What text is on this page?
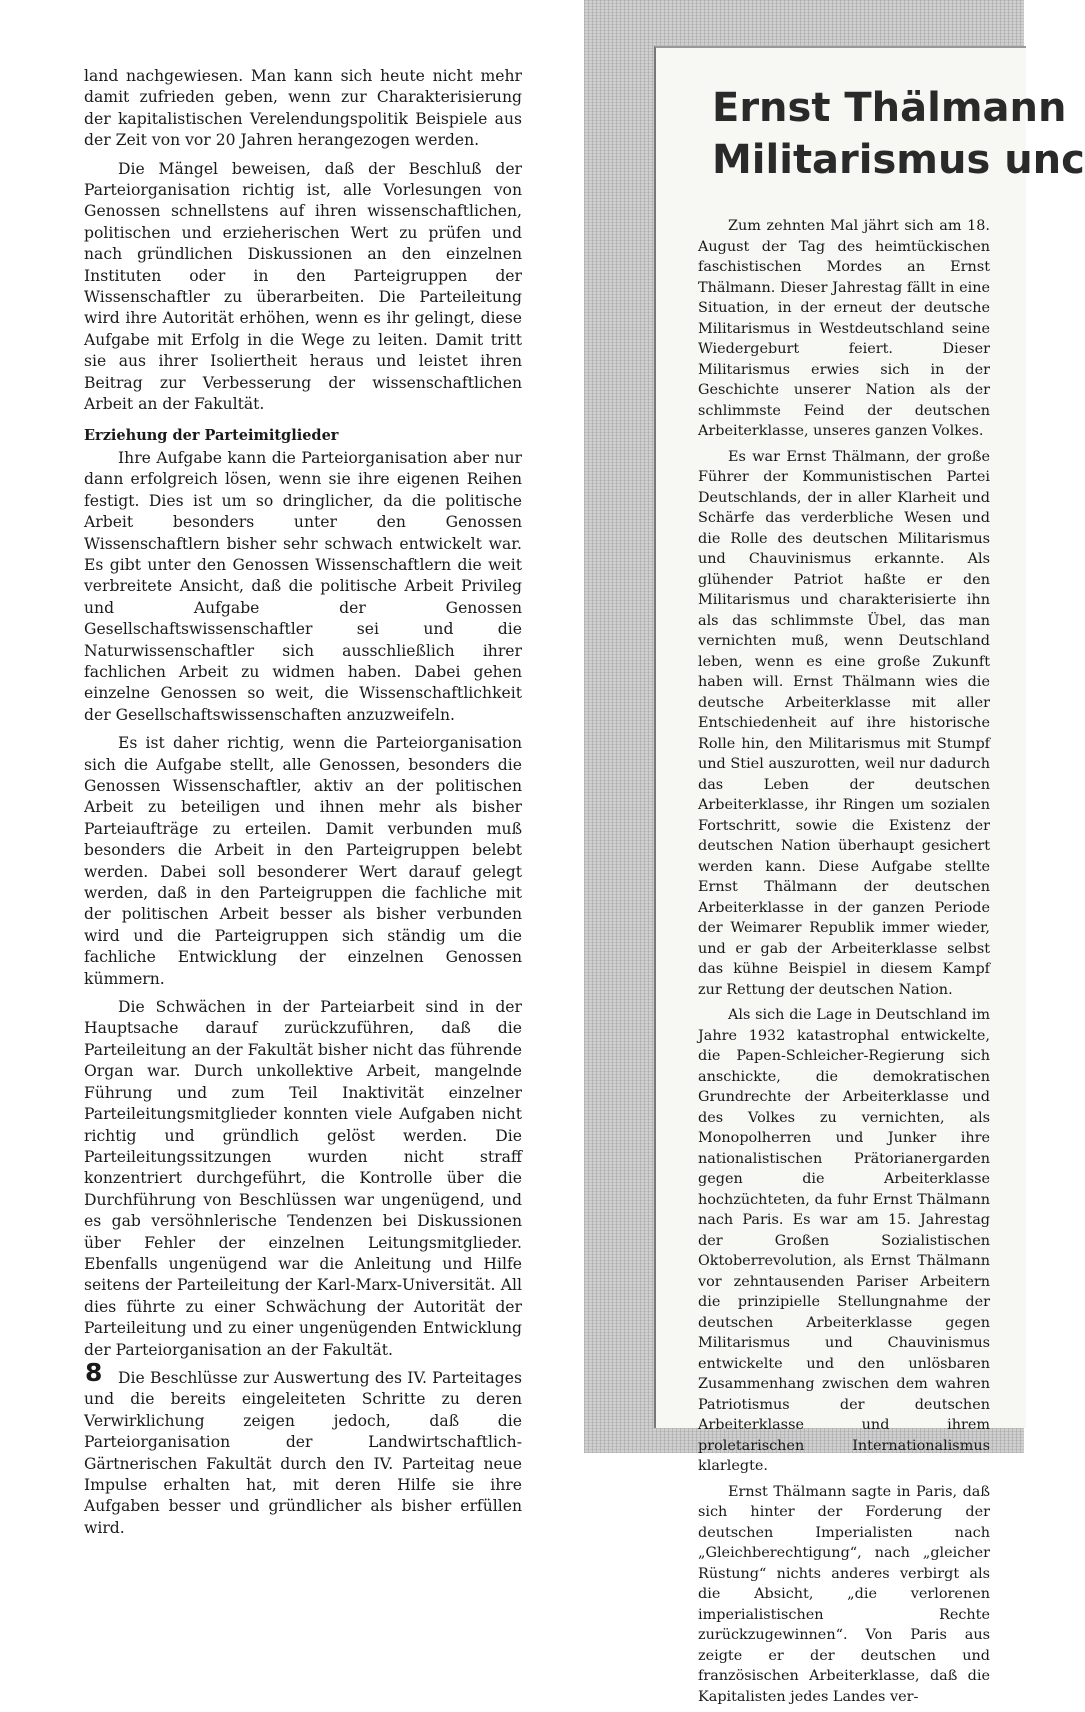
land nachgewiesen. Man kann sich heute nicht mehr damit zufrieden geben, wenn zur Charakterisierung der kapitalistischen Verelendungspolitik Beispiele aus der Zeit von vor 20 Jahren herangezogen werden.

Die Mängel beweisen, daß der Beschluß der Parteiorganisation richtig ist, alle Vorlesungen von Genossen schnellstens auf ihren wissenschaftlichen, politischen und erzieherischen Wert zu prüfen und nach gründlichen Diskussionen an den einzelnen Instituten oder in den Parteigruppen der Wissenschaftler zu überarbeiten. Die Parteileitung wird ihre Autorität erhöhen, wenn es ihr gelingt, diese Aufgabe mit Erfolg in die Wege zu leiten. Damit tritt sie aus ihrer Isoliertheit heraus und leistet ihren Beitrag zur Verbesserung der wissenschaftlichen Arbeit an der Fakultät.

Erziehung der Parteimitglieder

Ihre Aufgabe kann die Parteiorganisation aber nur dann erfolgreich lösen, wenn sie ihre eigenen Reihen festigt. Dies ist um so dringlicher, da die politische Arbeit besonders unter den Genossen Wissenschaftlern bisher sehr schwach entwickelt war. Es gibt unter den Genossen Wissenschaftlern die weit verbreitete Ansicht, daß die politische Arbeit Privileg und Aufgabe der Genossen Gesellschaftswissenschaftler sei und die Naturwissenschaftler sich ausschließlich ihrer fachlichen Arbeit zu widmen haben. Dabei gehen einzelne Genossen so weit, die Wissenschaftlichkeit der Gesellschaftswissenschaften anzuzweifeln.

Es ist daher richtig, wenn die Parteiorganisation sich die Aufgabe stellt, alle Genossen, besonders die Genossen Wissenschaftler, aktiv an der politischen Arbeit zu beteiligen und ihnen mehr als bisher Parteiaufträge zu erteilen. Damit verbunden muß besonders die Arbeit in den Parteigruppen belebt werden. Dabei soll besonderer Wert darauf gelegt werden, daß in den Parteigruppen die fachliche mit der politischen Arbeit besser als bisher verbunden wird und die Parteigruppen sich ständig um die fachliche Entwicklung der einzelnen Genossen kümmern.

Die Schwächen in der Parteiarbeit sind in der Hauptsache darauf zurückzuführen, daß die Parteileitung an der Fakultät bisher nicht das führende Organ war. Durch unkollektive Arbeit, mangelnde Führung und zum Teil Inaktivität einzelner Parteileitungsmitglieder konnten viele Aufgaben nicht richtig und gründlich gelöst werden. Die Parteileitungssitzungen wurden nicht straff konzentriert durchgeführt, die Kontrolle über die Durchführung von Beschlüssen war ungenügend, und es gab versöhnlerische Tendenzen bei Diskussionen über Fehler der einzelnen Leitungsmitglieder. Ebenfalls ungenügend war die Anleitung und Hilfe seitens der Parteileitung der Karl-Marx-Universität. All dies führte zu einer Schwächung der Autorität der Parteileitung und zu einer ungenügenden Entwicklung der Parteiorganisation an der Fakultät.

Die Beschlüsse zur Auswertung des IV. Parteitages und die bereits eingeleiteten Schritte zu deren Verwirklichung zeigen jedoch, daß die Parteiorganisation der Landwirtschaftlich-Gärtnerischen Fakultät durch den IV. Parteitag neue Impulse erhalten hat, mit deren Hilfe sie ihre Aufgaben besser und gründlicher als bisher erfüllen wird.

8
Ernst Thälmann
Militarismus unc

Zum zehnten Mal jährt sich am 18. August der Tag des heimtückischen faschistischen Mordes an Ernst Thälmann. Dieser Jahrestag fällt in eine Situation, in der erneut der deutsche Militarismus in Westdeutschland seine Wiedergeburt feiert. Dieser Militarismus erwies sich in der Geschichte unserer Nation als der schlimmste Feind der deutschen Arbeiterklasse, unseres ganzen Volkes.

Es war Ernst Thälmann, der große Führer der Kommunistischen Partei Deutschlands, der in aller Klarheit und Schärfe das verderbliche Wesen und die Rolle des deutschen Militarismus und Chauvinismus erkannte. Als glühender Patriot haßte er den Militarismus und charakterisierte ihn als das schlimmste Übel, das man vernichten muß, wenn Deutschland leben, wenn es eine große Zukunft haben will. Ernst Thälmann wies die deutsche Arbeiterklasse mit aller Entschiedenheit auf ihre historische Rolle hin, den Militarismus mit Stumpf und Stiel auszurotten, weil nur dadurch das Leben der deutschen Arbeiterklasse, ihr Ringen um sozialen Fortschritt, sowie die Existenz der deutschen Nation überhaupt gesichert werden kann. Diese Aufgabe stellte Ernst Thälmann der deutschen Arbeiterklasse in der ganzen Periode der Weimarer Republik immer wieder, und er gab der Arbeiterklasse selbst das kühne Beispiel in diesem Kampf zur Rettung der deutschen Nation.

Als sich die Lage in Deutschland im Jahre 1932 katastrophal entwickelte, die Papen-Schleicher-Regierung sich anschickte, die demokratischen Grundrechte der Arbeiterklasse und des Volkes zu vernichten, als Monopolherren und Junker ihre nationalistischen Prätorianergarden gegen die Arbeiterklasse hochzüchteten, da fuhr Ernst Thälmann nach Paris. Es war am 15. Jahrestag der Großen Sozialistischen Oktoberrevolution, als Ernst Thälmann vor zehntausenden Pariser Arbeitern die prinzipielle Stellungnahme der deutschen Arbeiterklasse gegen Militarismus und Chauvinismus entwickelte und den unlösbaren Zusammenhang zwischen dem wahren Patriotismus der deutschen Arbeiterklasse und ihrem proletarischen Internationalismus klarlegte.

Ernst Thälmann sagte in Paris, daß sich hinter der Forderung der deutschen Imperialisten nach „Gleichberechtigung“, nach „gleicher Rüstung“ nichts anderes verbirgt als die Absicht, „die verlorenen imperialistischen Rechte zurückzugewinnen“. Von Paris aus zeigte er der deutschen und französischen Arbeiterklasse, daß die Kapitalisten jedes Landes ver-
